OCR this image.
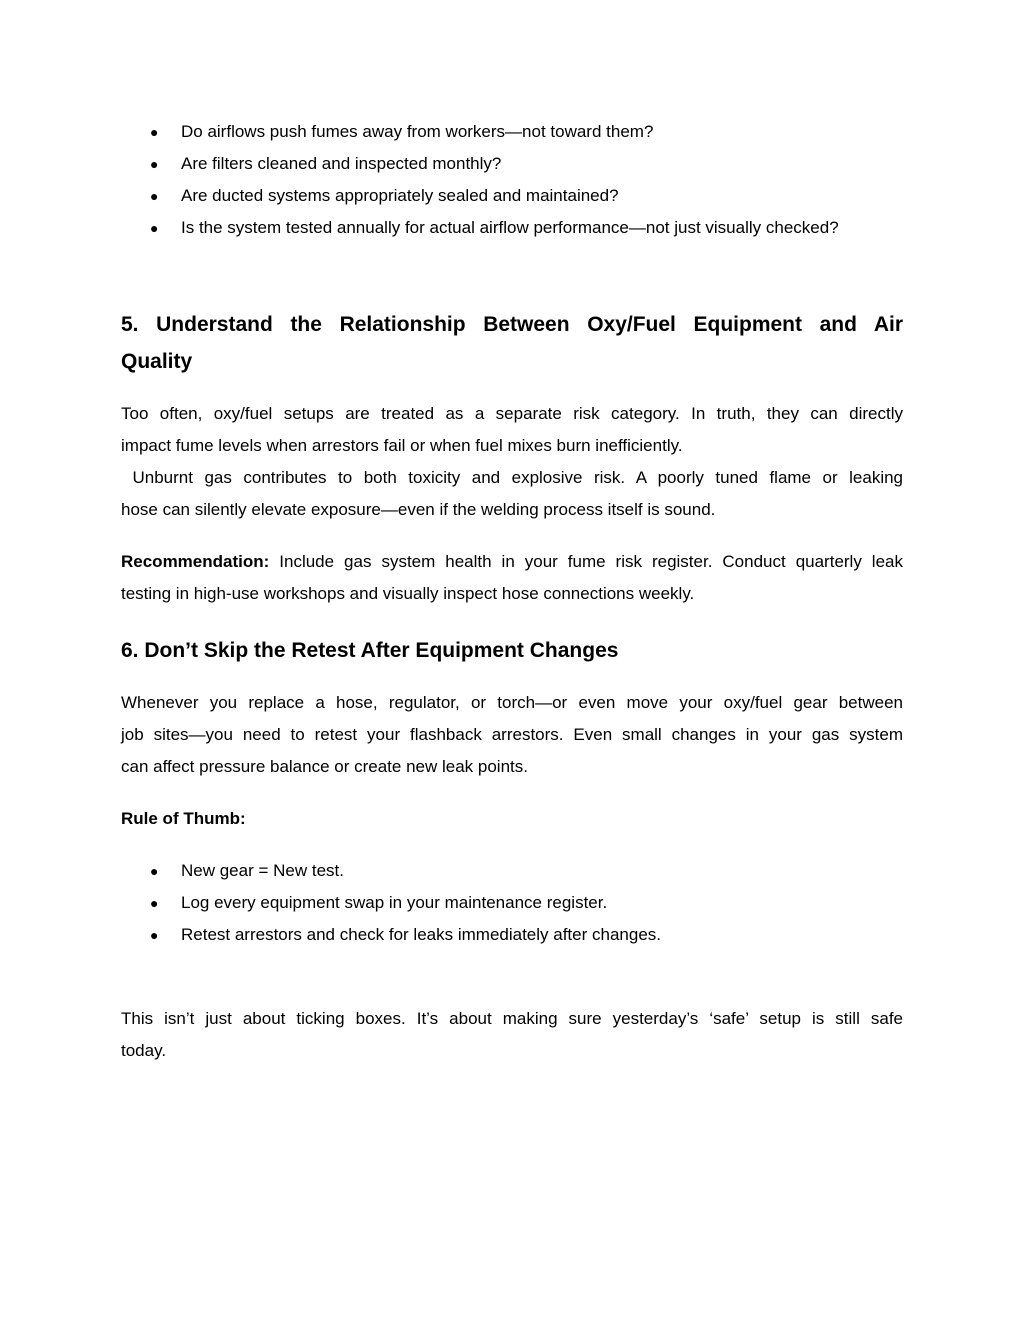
● Do airflows push fumes away from workers—not toward them?
● Are filters cleaned and inspected monthly?
● Are ducted systems appropriately sealed and maintained?
● Is the system tested annually for actual airflow performance—not just visually checked?
5. Understand the Relationship Between Oxy/Fuel Equipment and Air
Quality

Too often, oxy/fuel setups are treated as a separate risk category. In truth, they can directly
impact fume levels when arrestors fail or when fuel mixes burn inefficiently.
Unburnt gas contributes to both toxicity and explosive risk. A poorly tuned flame or leaking
hose can silently elevate exposure—even if the welding process itself is sound.

Recommendation: Include gas system health in your fume risk register. Conduct quarterly leak
testing in high-use workshops and visually inspect hose connections weekly.

6. Don’t Skip the Retest After Equipment Changes

Whenever you replace a hose, regulator, or torch—or even move your oxy/fuel gear between
job sites—you need to retest your flashback arrestors. Even small changes in your gas system
can affect pressure balance or create new leak points.

Rule of Thumb:

● New gear = New test.
● Log every equipment swap in your maintenance register.
● Retest arrestors and check for leaks immediately after changes.

This isn’t just about ticking boxes. It’s about making sure yesterday’s ‘safe’ setup is still safe
today.
